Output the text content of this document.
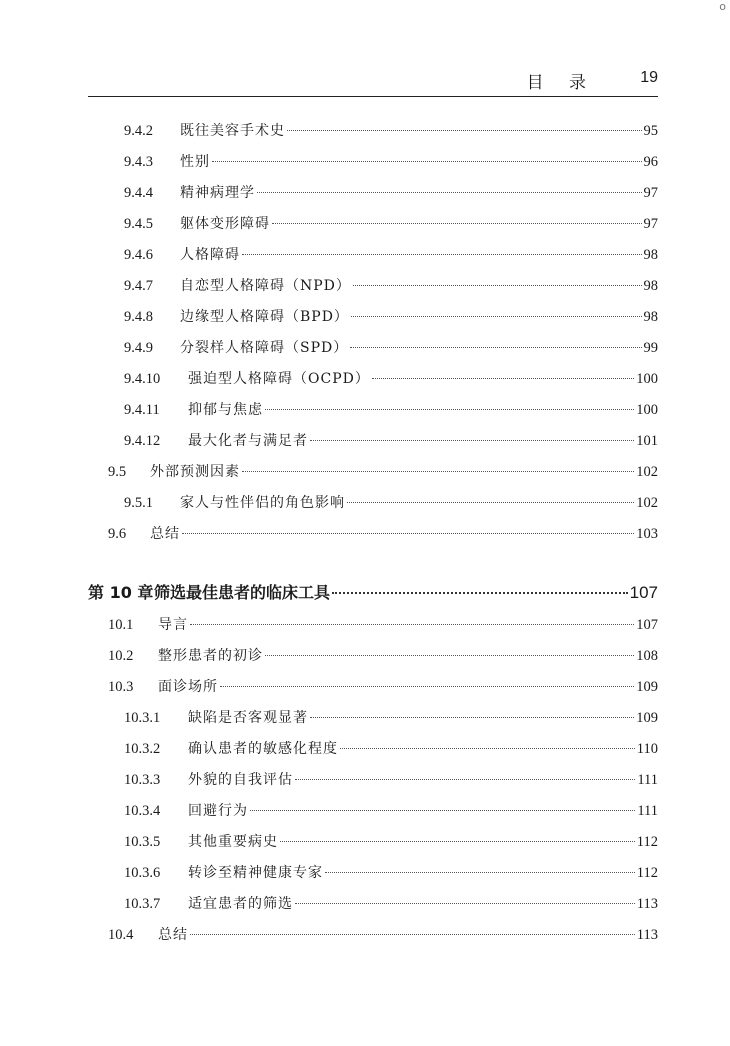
o
目 录	19
9.4.2	既往美容手术史	95
9.4.3	性别	96
9.4.4	精神病理学	97
9.4.5	躯体变形障碍	97
9.4.6	人格障碍	98
9.4.7	自恋型人格障碍（NPD）	98
9.4.8	边缘型人格障碍（BPD）	98
9.4.9	分裂样人格障碍（SPD）	99
9.4.10	强迫型人格障碍（OCPD）	100
9.4.11	抑郁与焦虑	100
9.4.12	最大化者与满足者	101
9.5	外部预测因素	102
9.5.1	家人与性伴侣的角色影响	102
9.6	总结	103
第 10 章 筛选最佳患者的临床工具	107
10.1	导言	107
10.2	整形患者的初诊	108
10.3	面诊场所	109
10.3.1	缺陷是否客观显著	109
10.3.2	确认患者的敏感化程度	110
10.3.3	外貌的自我评估	111
10.3.4	回避行为	111
10.3.5	其他重要病史	112
10.3.6	转诊至精神健康专家	112
10.3.7	适宜患者的筛选	113
10.4	总结	113
